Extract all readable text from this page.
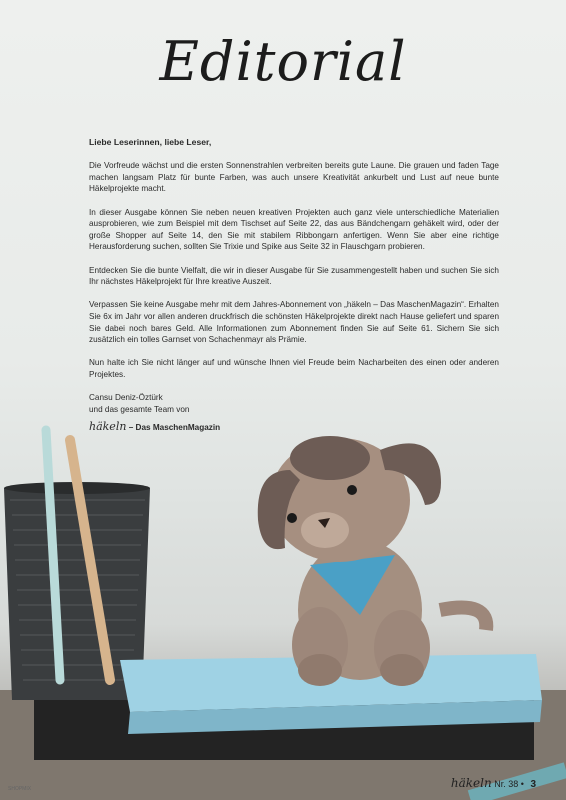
Editorial
Liebe Leserinnen, liebe Leser,

Die Vorfreude wächst und die ersten Sonnenstrahlen verbreiten bereits gute Laune. Die grauen und faden Tage machen langsam Platz für bunte Farben, was auch unsere Kreativität ankurbelt und Lust auf neue bunte Häkelprojekte macht.

In dieser Ausgabe können Sie neben neuen kreativen Projekten auch ganz viele unterschiedliche Materialien ausprobieren, wie zum Beispiel mit dem Tischset auf Seite 22, das aus Bändchengarn gehäkelt wird, oder der große Shopper auf Seite 14, den Sie mit stabilem Ribbongarn anfertigen. Wenn Sie aber eine richtige Herausforderung suchen, sollten Sie Trixie und Spike aus Seite 32 in Flauschgarn probieren.

Entdecken Sie die bunte Vielfalt, die wir in dieser Ausgabe für Sie zusammengestellt haben und suchen Sie sich Ihr nächstes Häkelprojekt für Ihre kreative Auszeit.

Verpassen Sie keine Ausgabe mehr mit dem Jahres-Abonnement von „häkeln – Das MaschenMagazin“. Erhalten Sie 6x im Jahr vor allen anderen druckfrisch die schönsten Häkelprojekte direkt nach Hause geliefert und sparen Sie dabei noch bares Geld. Alle Informationen zum Abonnement finden Sie auf Seite 61. Sichern Sie sich zusätzlich ein tolles Garnset von Schachenmayr als Prämie.

Nun halte ich Sie nicht länger auf und wünsche Ihnen viel Freude beim Nacharbeiten des einen oder anderen Projektes.

Cansu Deniz-Öztürk
und das gesamte Team von
häkeln – Das MaschenMagazin
häkeln Nr. 38 • 3
SHOPMIX
